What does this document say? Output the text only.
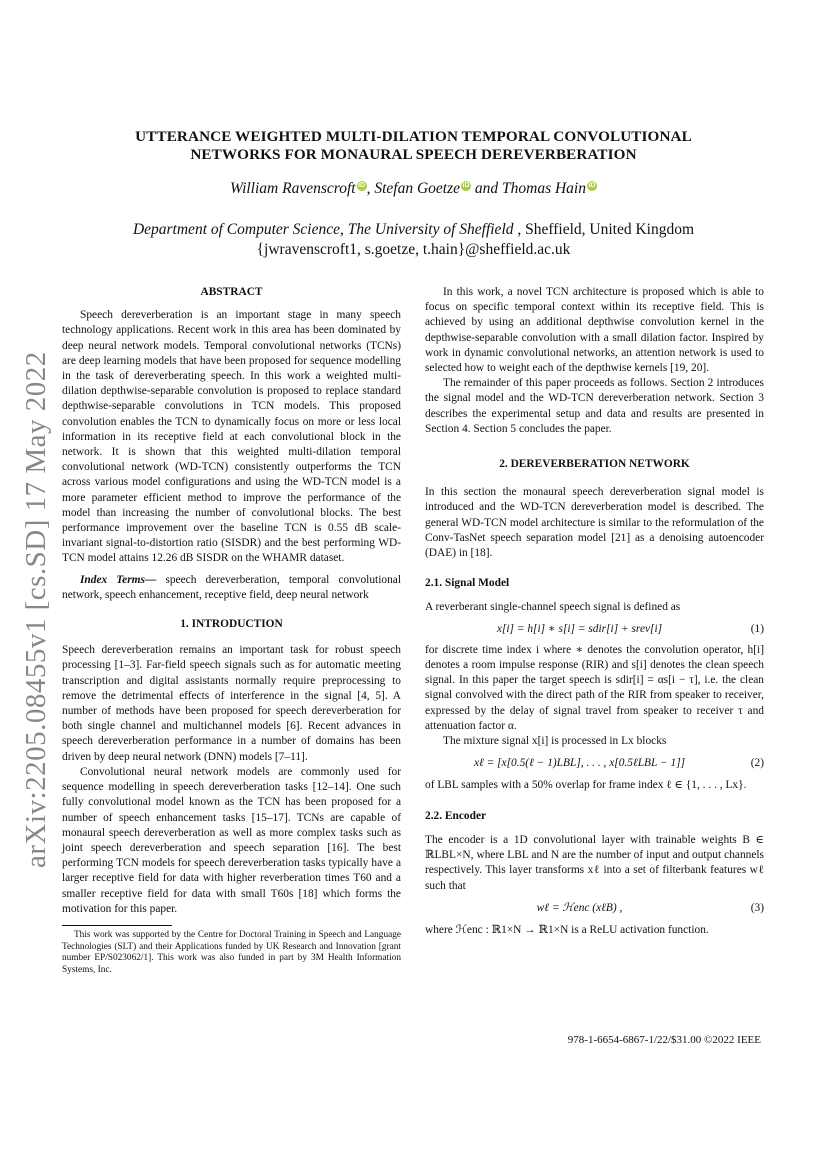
arXiv:2205.08455v1 [cs.SD] 17 May 2022
UTTERANCE WEIGHTED MULTI-DILATION TEMPORAL CONVOLUTIONAL
NETWORKS FOR MONAURAL SPEECH DEREVERBERATION
William Ravenscroft iD, Stefan Goetze iD and Thomas Hain iD
Department of Computer Science, The University of Sheffield , Sheffield, United Kingdom
{jwravenscroft1, s.goetze, t.hain}@sheffield.ac.uk
ABSTRACT

Speech dereverberation is an important stage in many speech technology applications. Recent work in this area has been dominated by deep neural network models. Temporal convolutional networks (TCNs) are deep learning models that have been proposed for sequence modelling in the task of dereverberating speech. In this work a weighted multi-dilation depthwise-separable convolution is proposed to replace standard depthwise-separable convolutions in TCN models. This proposed convolution enables the TCN to dynamically focus on more or less local information in its receptive field at each convolutional block in the network. It is shown that this weighted multi-dilation temporal convolutional network (WD-TCN) consistently outperforms the TCN across various model configurations and using the WD-TCN model is a more parameter efficient method to improve the performance of the model than increasing the number of convolutional blocks. The best performance improvement over the baseline TCN is 0.55 dB scale-invariant signal-to-distortion ratio (SISDR) and the best performing WD-TCN model attains 12.26 dB SISDR on the WHAMR dataset.

Index Terms— speech dereverberation, temporal convolutional network, speech enhancement, receptive field, deep neural network

1. INTRODUCTION

Speech dereverberation remains an important task for robust speech processing [1–3]. Far-field speech signals such as for automatic meeting transcription and digital assistants normally require preprocessing to remove the detrimental effects of interference in the signal [4, 5]. A number of methods have been proposed for speech dereverberation for both single channel and multichannel models [6]. Recent advances in speech dereverberation performance in a number of domains has been driven by deep neural network (DNN) models [7–11].

Convolutional neural network models are commonly used for sequence modelling in speech dereverberation tasks [12–14]. One such fully convolutional model known as the TCN has been proposed for a number of speech enhancement tasks [15–17]. TCNs are capable of monaural speech dereverberation as well as more complex tasks such as joint speech dereverberation and speech separation [16]. The best performing TCN models for speech dereverberation tasks typically have a larger receptive field for data with higher reverberation times T60 and a smaller receptive field for data with small T60s [18] which forms the motivation for this paper.

This work was supported by the Centre for Doctoral Training in Speech and Language Technologies (SLT) and their Applications funded by UK Research and Innovation [grant number EP/S023062/1]. This work was also funded in part by 3M Health Information Systems, Inc.

In this work, a novel TCN architecture is proposed which is able to focus on specific temporal context within its receptive field. This is achieved by using an additional depthwise convolution kernel in the depthwise-separable convolution with a small dilation factor. Inspired by work in dynamic convolutional networks, an attention network is used to selected how to weight each of the depthwise kernels [19, 20].

The remainder of this paper proceeds as follows. Section 2 introduces the signal model and the WD-TCN dereverberation network. Section 3 describes the experimental setup and data and results are presented in Section 4. Section 5 concludes the paper.

2. DEREVERBERATION NETWORK

In this section the monaural speech dereverberation signal model is introduced and the WD-TCN dereverberation model is described. The general WD-TCN model architecture is similar to the reformulation of the Conv-TasNet speech separation model [21] as a denoising autoencoder (DAE) in [18].

2.1. Signal Model

A reverberant single-channel speech signal is defined as

x[i] = h[i] ∗ s[i] = sdir[i] + srev[i]	(1)

for discrete time index i where ∗ denotes the convolution operator, h[i] denotes a room impulse response (RIR) and s[i] denotes the clean speech signal. In this paper the target speech is sdir[i] = αs[i − τ], i.e. the clean signal convolved with the direct path of the RIR from speaker to receiver, expressed by the delay of signal travel from speaker to receiver τ and attenuation factor α.

The mixture signal x[i] is processed in Lx blocks

xℓ = [x[0.5(ℓ − 1)LBL], . . . , x[0.5ℓLBL − 1]]	(2)

of LBL samples with a 50% overlap for frame index ℓ ∈ {1, . . . , Lx}.

2.2. Encoder

The encoder is a 1D convolutional layer with trainable weights B ∈ ℝLBL×N, where LBL and N are the number of input and output channels respectively. This layer transforms xℓ into a set of filterbank features wℓ such that

wℓ = ℋenc (xℓB) ,	(3)

where ℋenc : ℝ1×N → ℝ1×N is a ReLU activation function.

978-1-6654-6867-1/22/$31.00 ©2022 IEEE
